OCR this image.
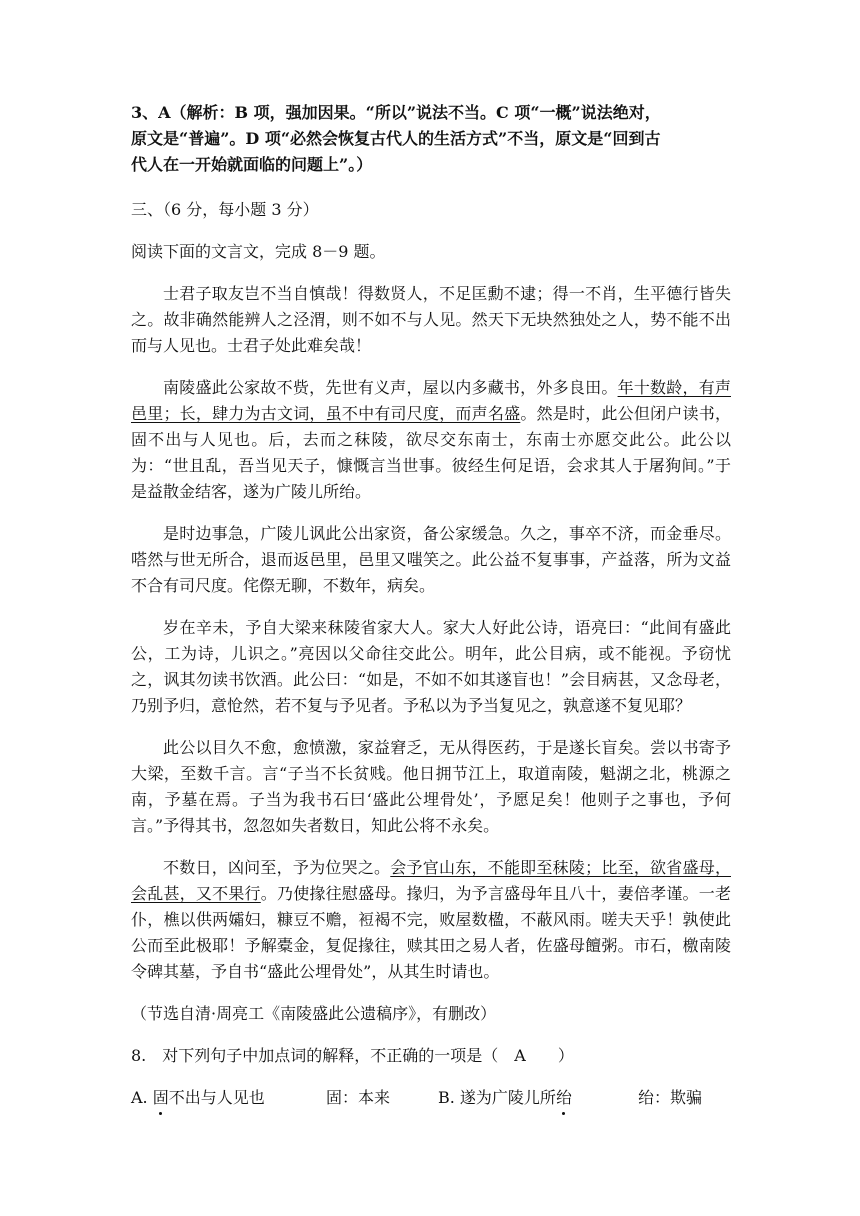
3、A（解析：B 项，强加因果。“所以”说法不当。C 项“一概”说法绝对，

原文是“普遍”。D 项“必然会恢复古代人的生活方式”不当，原文是“回到古

代人在一开始就面临的问题上”。）

三、（6 分，每小题 3 分）

阅读下面的文言文，完成 8－9 题。

士君子取友岂不当自慎哉！得数贤人，不足匡勳不逮；得一不肖，生平德行皆失之。故非确然能辨人之泾渭，则不如不与人见。然天下无块然独处之人，势不能不出而与人见也。士君子处此难矣哉！

南陵盛此公家故不赀，先世有义声，屋以内多藏书，外多良田。年十数龄，有声邑里；长，肆力为古文词，虽不中有司尺度，而声名盛。然是时，此公但闭户读书，固不出与人见也。后，去而之秣陵，欲尽交东南士，东南士亦愿交此公。此公以为：“世且乱，吾当见天子，慷慨言当世事。彼经生何足语，会求其人于屠狗间。”于是益散金结客，遂为广陵儿所绐。

是时边事急，广陵儿讽此公出家资，备公家缓急。久之，事卒不济，而金垂尽。嗒然与世无所合，退而返邑里，邑里又嗤笑之。此公益不复事事，产益落，所为文益不合有司尺度。侘傺无聊，不数年，病矣。

岁在辛未，予自大梁来秣陵省家大人。家大人好此公诗，语亮曰：“此间有盛此公，工为诗，儿识之。”亮因以父命往交此公。明年，此公目病，或不能视。予窃忧之，讽其勿读书饮酒。此公曰：“如是，不如不如其遂盲也！”会目病甚，又念母老，乃别予归，意怆然，若不复与予见者。予私以为予当复见之，孰意遂不复见耶？

此公以目久不愈，愈愤激，家益窘乏，无从得医药，于是遂长盲矣。尝以书寄予大梁，至数千言。言“子当不长贫贱。他日拥节江上，取道南陵，魁湖之北，桃源之南，予墓在焉。子当为我书石曰‘盛此公埋骨处’，予愿足矣！他则子之事也，予何言。”予得其书，忽忽如失者数日，知此公将不永矣。

不数日，凶问至，予为位哭之。会予官山东，不能即至秣陵；比至，欲省盛母，会乱甚，又不果行。乃使掾往慰盛母。掾归，为予言盛母年且八十，妻倍孝谨。一老仆，樵以供两孀妇，糠豆不赡，裋褐不完，败屋数楹，不蔽风雨。嗟夫天乎！孰使此公而至此极耶！予解橐金，复促掾往，赎其田之易人者，佐盛母饘粥。市石，檄南陵令碑其墓，予自书“盛此公埋骨处”，从其生时请也。

（节选自清·周亮工《南陵盛此公遗稿序》，有删改）

8.　对下列句子中加点词的解释，不正确的一项是（　A　　）

A. 固不出与人见也	固：本来	B. 遂为广陵儿所绐	绐：欺骗
